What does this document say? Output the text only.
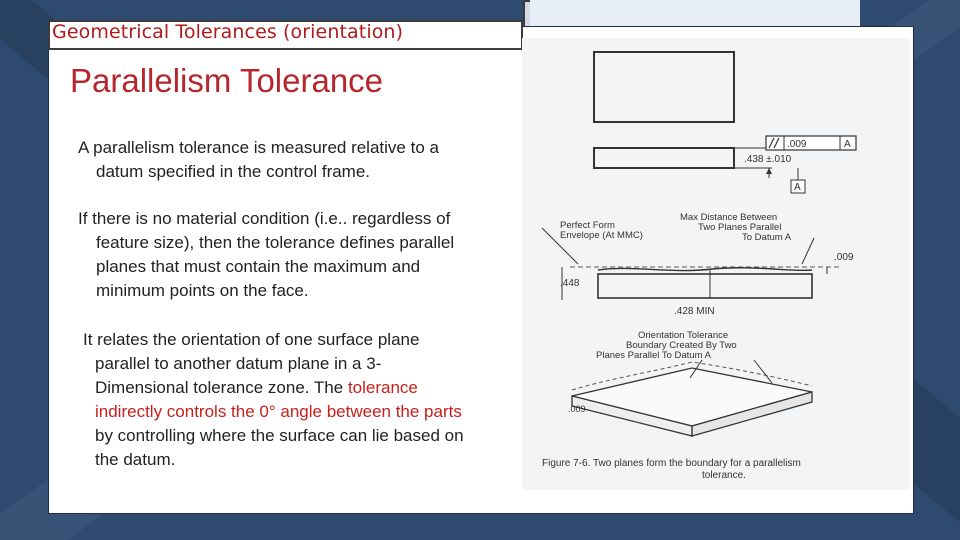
Geometrical Tolerances (orientation)
Parallelism Tolerance
A parallelism tolerance is measured relative to a
datum specified in the control frame.
If there is no material condition (i.e.. regardless of
feature size), then the tolerance defines parallel
planes that must contain the maximum and
minimum points on the face.
It relates the orientation of one surface plane
parallel to another datum plane in a 3-
Dimensional tolerance zone. The tolerance
indirectly controls the 0° angle between the parts
by controlling where the surface can lie based on
the datum.
.009	A
.438 ±.010
A
Perfect Form
Envelope (At MMC)
Max Distance Between
Two Planes Parallel
To Datum A
.009
.448
.428 MIN
Orientation Tolerance
Boundary Created By Two
Planes Parallel To Datum A
.009
Figure 7-6. Two planes form the boundary for a parallelism
tolerance.
